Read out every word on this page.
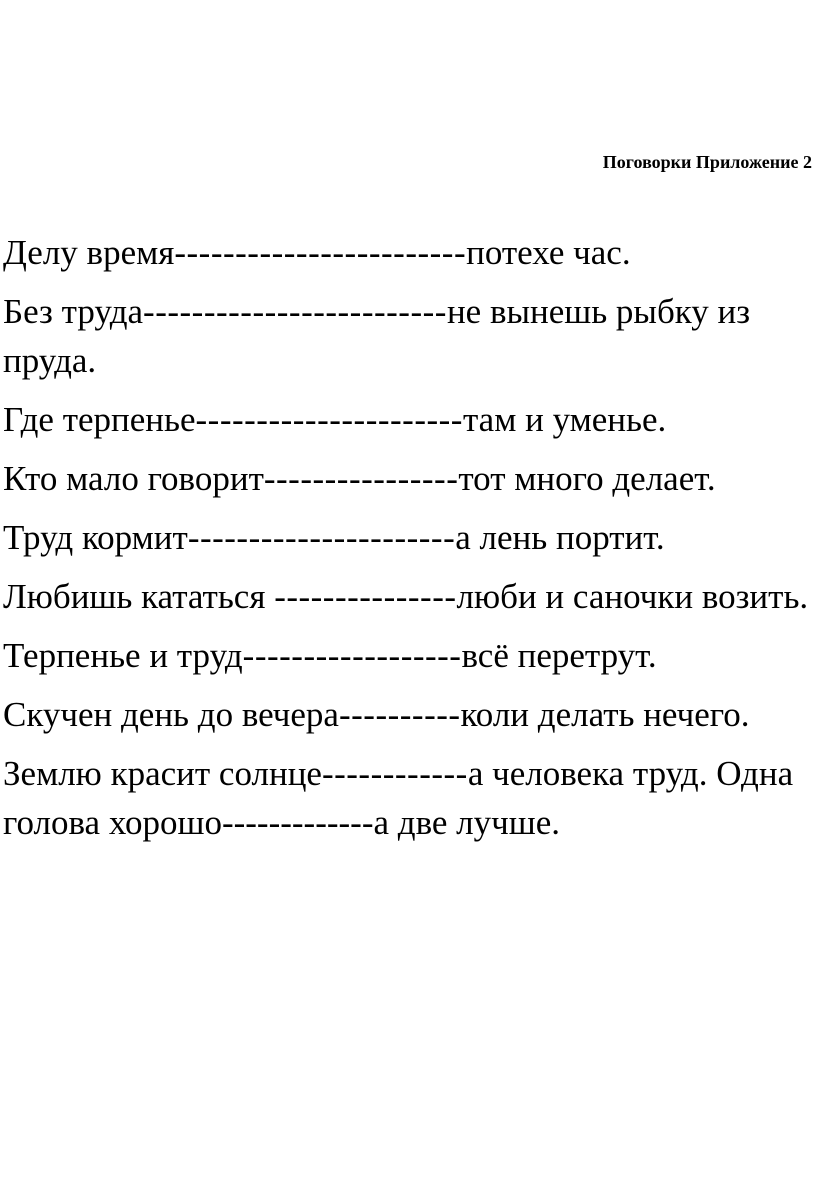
Поговорки Приложение 2
Делу время------------------------потехе час.
Без труда-------------------------не вынешь рыбку из пруда.
Где терпенье----------------------там и уменье.
Кто мало говорит----------------тот много делает.
Труд кормит----------------------а лень портит.
Любишь кататься ---------------люби и саночки возить.
Терпенье и труд------------------всё перетрут.
Скучен день до вечера----------коли делать нечего.
Землю красит солнце------------а человека труд. Одна голова хорошо-------------а две лучше.
